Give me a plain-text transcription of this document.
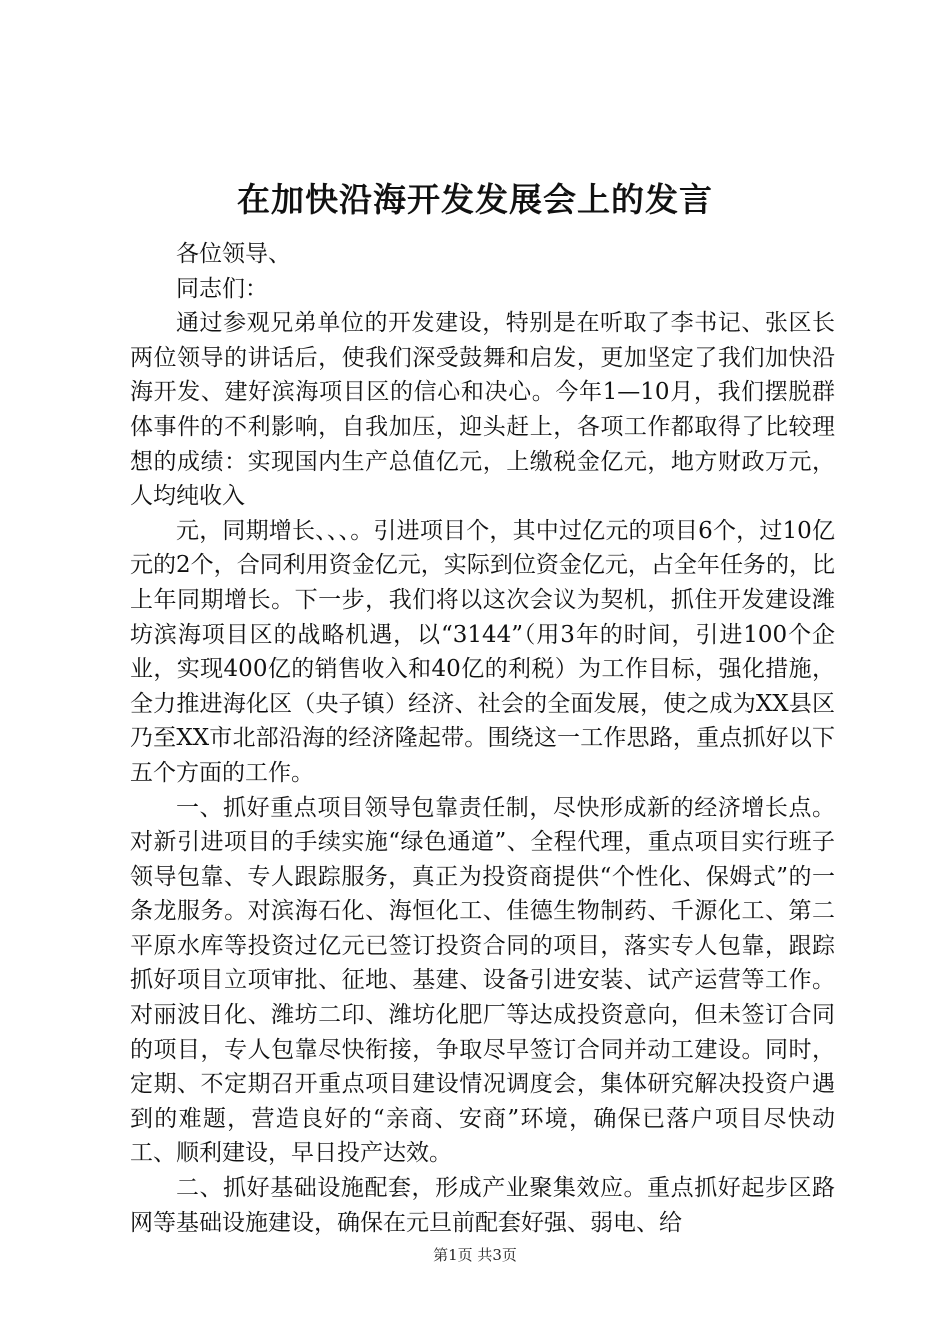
在加快沿海开发发展会上的发言

各位领导、

同志们：

通过参观兄弟单位的开发建设，特别是在听取了李书记、张区长两位领导的讲话后，使我们深受鼓舞和启发，更加坚定了我们加快沿海开发、建好滨海项目区的信心和决心。今年1—10月，我们摆脱群体事件的不利影响，自我加压，迎头赶上，各项工作都取得了比较理想的成绩：实现国内生产总值亿元，上缴税金亿元，地方财政万元，人均纯收入

元，同期增长、、、。引进项目个，其中过亿元的项目6个，过10亿元的2个，合同利用资金亿元，实际到位资金亿元，占全年任务的，比上年同期增长。下一步，我们将以这次会议为契机，抓住开发建设潍坊滨海项目区的战略机遇，以“3144”（用3年的时间，引进100个企业，实现400亿的销售收入和40亿的利税）为工作目标，强化措施，全力推进海化区（央子镇）经济、社会的全面发展，使之成为XX县区乃至XX市北部沿海的经济隆起带。围绕这一工作思路，重点抓好以下五个方面的工作。

一、抓好重点项目领导包靠责任制，尽快形成新的经济增长点。对新引进项目的手续实施“绿色通道”、全程代理，重点项目实行班子领导包靠、专人跟踪服务，真正为投资商提供“个性化、保姆式”的一条龙服务。对滨海石化、海恒化工、佳德生物制药、千源化工、第二平原水库等投资过亿元已签订投资合同的项目，落实专人包靠，跟踪抓好项目立项审批、征地、基建、设备引进安装、试产运营等工作。对丽波日化、潍坊二印、潍坊化肥厂等达成投资意向，但未签订合同的项目，专人包靠尽快衔接，争取尽早签订合同并动工建设。同时，定期、不定期召开重点项目建设情况调度会，集体研究解决投资户遇到的难题，营造良好的“亲商、安商”环境，确保已落户项目尽快动工、顺利建设，早日投产达效。

二、抓好基础设施配套，形成产业聚集效应。重点抓好起步区路网等基础设施建设，确保在元旦前配套好强、弱电、给

第1页 共3页
